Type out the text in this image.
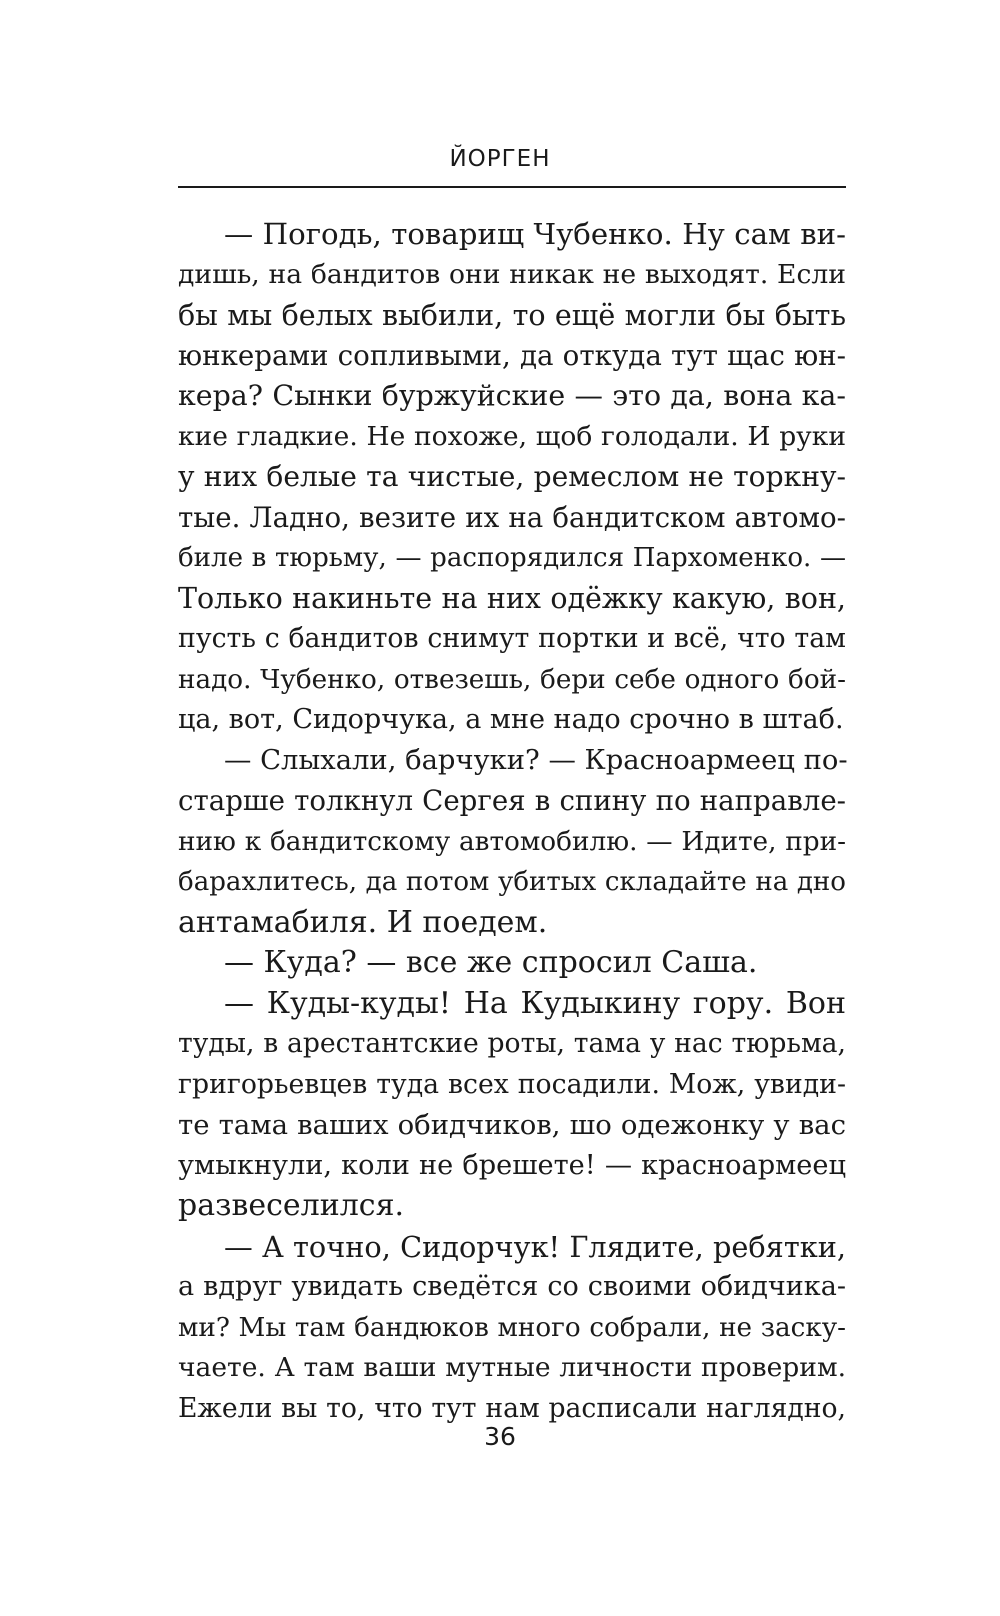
ЙОРГЕН
— Погодь, товарищ Чубенко. Ну сам ви-
дишь, на бандитов они никак не выходят. Если
бы мы белых выбили, то ещё могли бы быть
юнкерами сопливыми, да откуда тут щас юн-
кера? Сынки буржуйские — это да, вона ка-
кие гладкие. Не похоже, щоб голодали. И руки
у них белые та чистые, ремеслом не торкну-
тые. Ладно, везите их на бандитском автомо-
биле в тюрьму, — распорядился Пархоменко. —
Только накиньте на них одёжку какую, вон,
пусть с бандитов снимут портки и всё, что там
надо. Чубенко, отвезешь, бери себе одного бой-
ца, вот, Сидорчука, а мне надо срочно в штаб.
— Слыхали, барчуки? — Красноармеец по-
старше толкнул Сергея в спину по направле-
нию к бандитскому автомобилю. — Идите, при-
барахлитесь, да потом убитых складайте на дно
антамабиля. И поедем.
— Куда? — все же спросил Саша.
— Куды-куды! На Кудыкину гору. Вон
туды, в арестантские роты, тама у нас тюрьма,
григорьевцев туда всех посадили. Мож, увиди-
те тама ваших обидчиков, шо одежонку у вас
умыкнули, коли не брешете! — красноармеец
развеселился.
— А точно, Сидорчук! Глядите, ребятки,
а вдруг увидать сведётся со своими обидчика-
ми? Мы там бандюков много собрали, не заску-
чаете. А там ваши мутные личности проверим.
Ежели вы то, что тут нам расписали наглядно,
36
